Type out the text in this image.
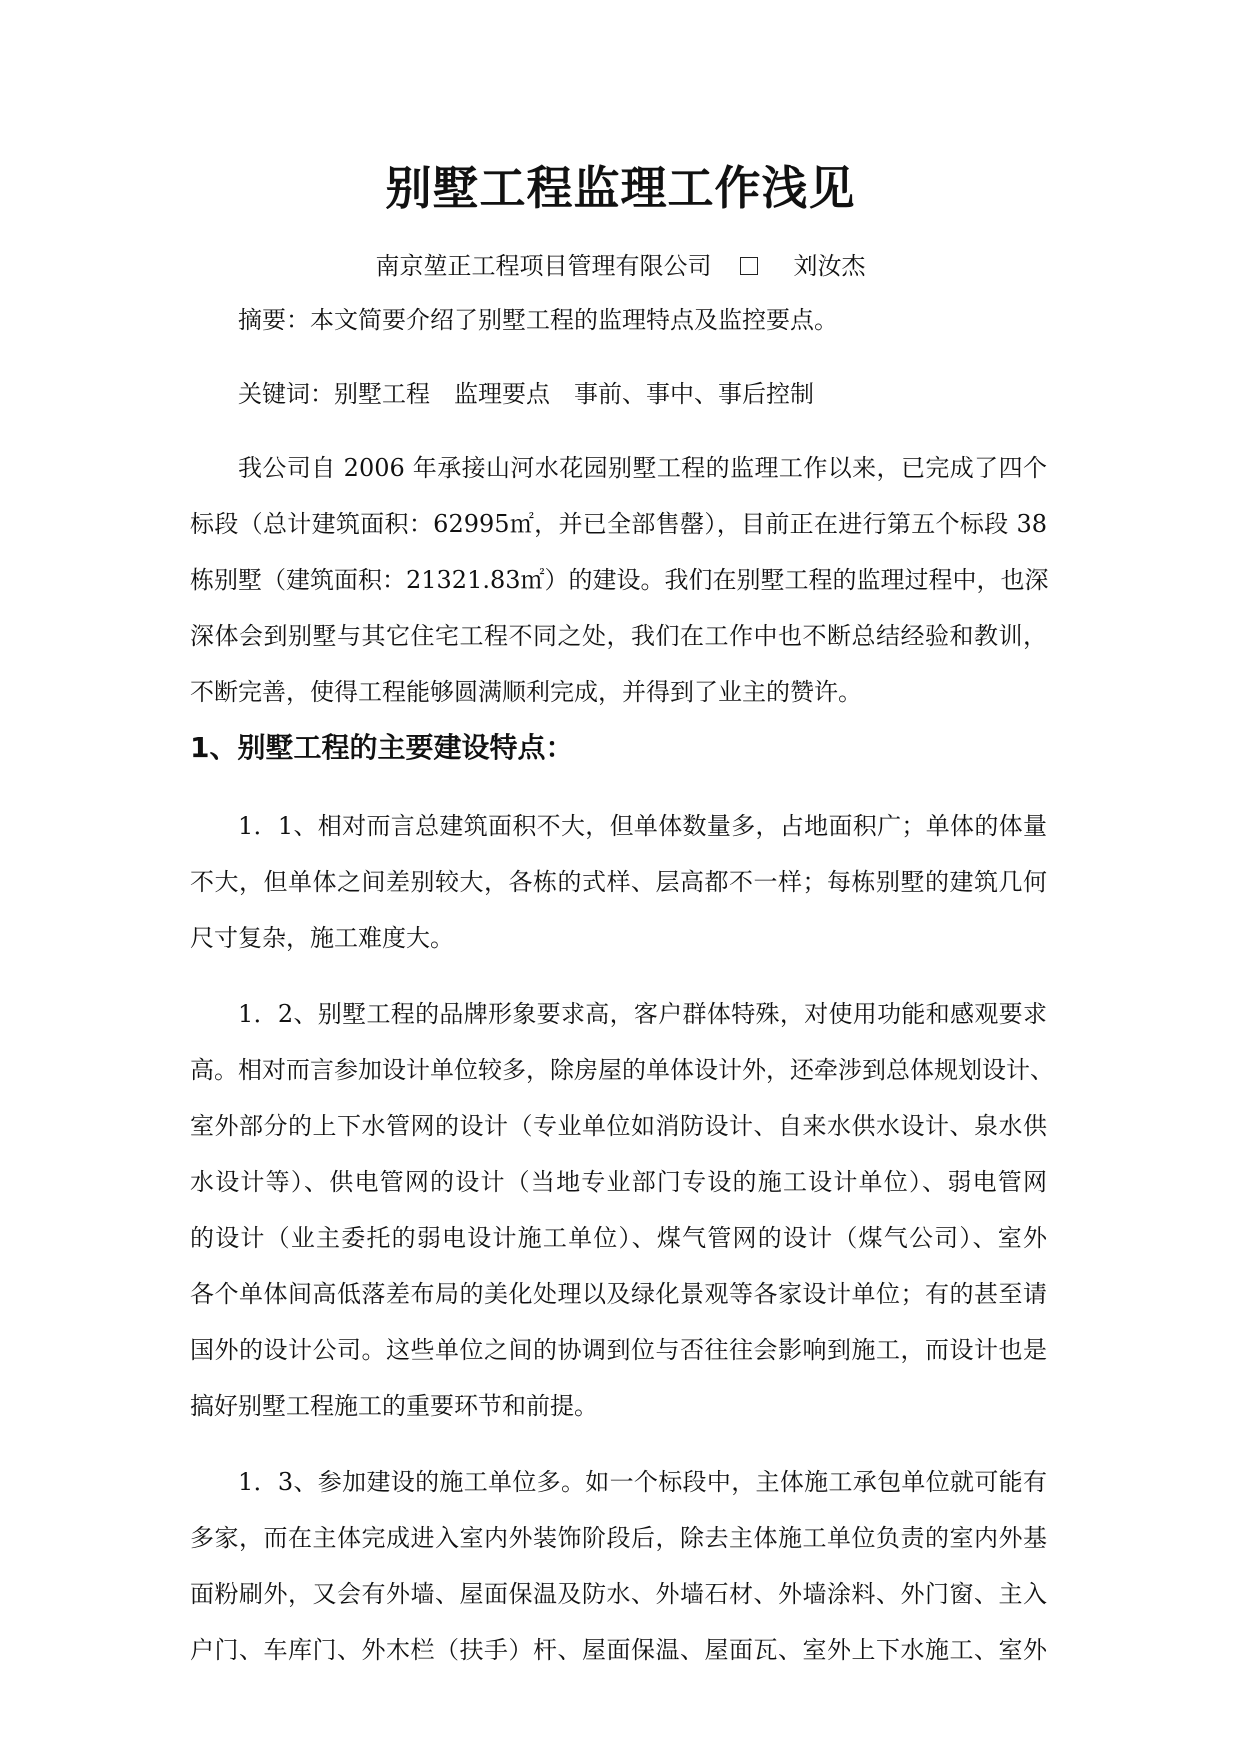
别墅工程监理工作浅见

南京堃正工程项目管理有限公司	刘汝杰

摘要：本文简要介绍了别墅工程的监理特点及监控要点。

关键词：别墅工程　监理要点　事前、事中、事后控制

我公司自 2006 年承接山河水花园别墅工程的监理工作以来，已完成了四个

标段（总计建筑面积：62995㎡，并已全部售罄），目前正在进行第五个标段 38

栋别墅（建筑面积：21321.83㎡）的建设。我们在别墅工程的监理过程中，也深

深体会到别墅与其它住宅工程不同之处，我们在工作中也不断总结经验和教训，

不断完善，使得工程能够圆满顺利完成，并得到了业主的赞许。

1、别墅工程的主要建设特点：

1．1、相对而言总建筑面积不大，但单体数量多，占地面积广；单体的体量

不大，但单体之间差别较大，各栋的式样、层高都不一样；每栋别墅的建筑几何

尺寸复杂，施工难度大。

1．2、别墅工程的品牌形象要求高，客户群体特殊，对使用功能和感观要求

高。相对而言参加设计单位较多，除房屋的单体设计外，还牵涉到总体规划设计、

室外部分的上下水管网的设计（专业单位如消防设计、自来水供水设计、泉水供

水设计等）、供电管网的设计（当地专业部门专设的施工设计单位）、弱电管网

的设计（业主委托的弱电设计施工单位）、煤气管网的设计（煤气公司）、室外

各个单体间高低落差布局的美化处理以及绿化景观等各家设计单位；有的甚至请

国外的设计公司。这些单位之间的协调到位与否往往会影响到施工，而设计也是

搞好别墅工程施工的重要环节和前提。

1．3、参加建设的施工单位多。如一个标段中，主体施工承包单位就可能有

多家，而在主体完成进入室内外装饰阶段后，除去主体施工单位负责的室内外基

面粉刷外，又会有外墙、屋面保温及防水、外墙石材、外墙涂料、外门窗、主入

户门、车库门、外木栏（扶手）杆、屋面保温、屋面瓦、室外上下水施工、室外
